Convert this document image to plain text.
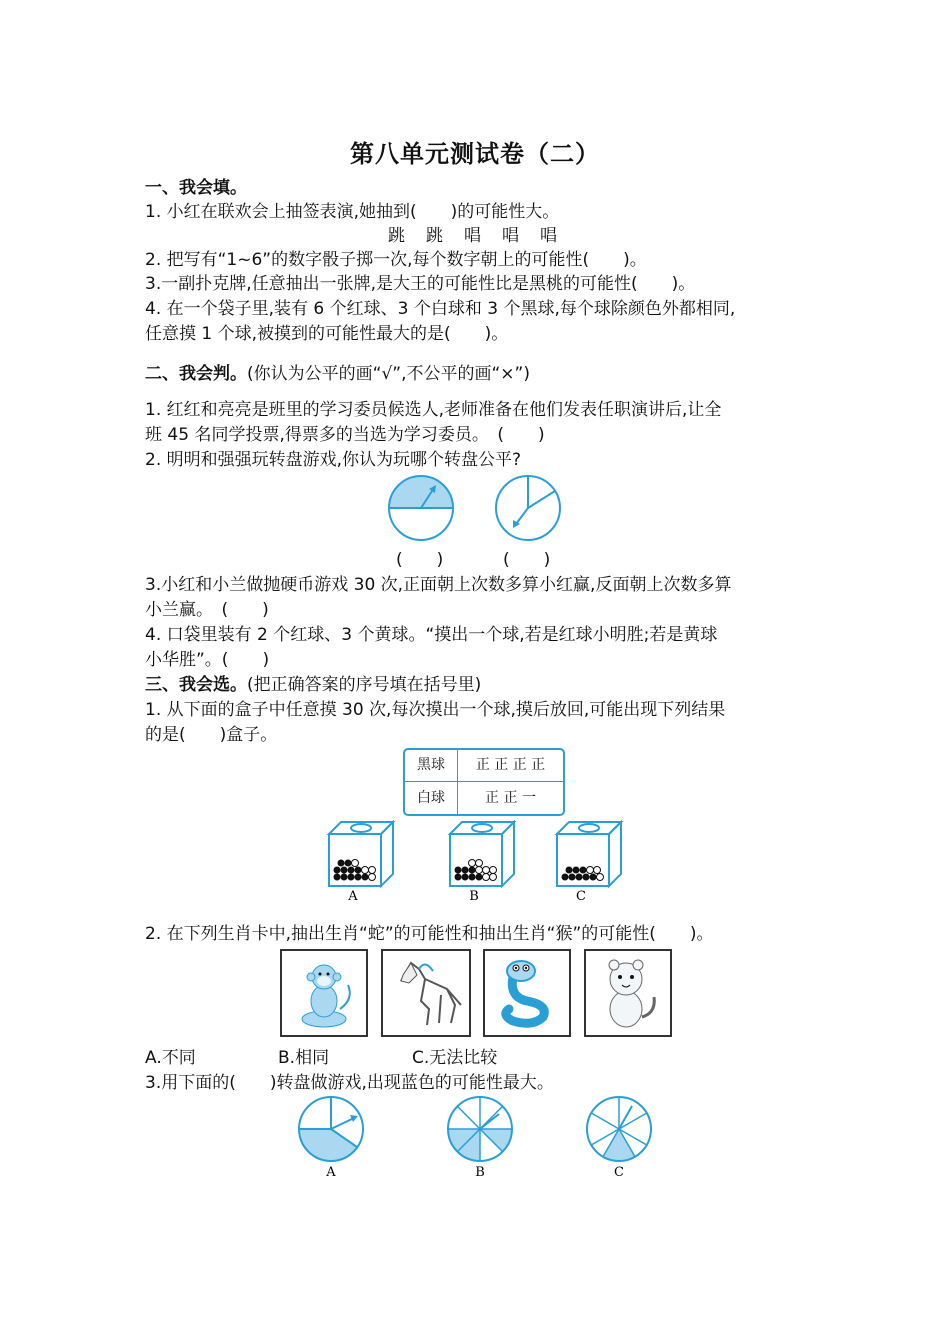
第八单元测试卷（二）
一、我会填。
1. 小红在联欢会上抽签表演,她抽到(　　)的可能性大。
跳　跳　唱　唱　唱
2. 把写有“1~6”的数字骰子掷一次,每个数字朝上的可能性(　　)。
3.一副扑克牌,任意抽出一张牌,是大王的可能性比是黑桃的可能性(　　)。
4. 在一个袋子里,装有 6 个红球、3 个白球和 3 个黑球,每个球除颜色外都相同,
任意摸 1 个球,被摸到的可能性最大的是(　　)。
二、我会判。(你认为公平的画“√”,不公平的画“×”)
1. 红红和亮亮是班里的学习委员候选人,老师准备在他们发表任职演讲后,让全
班 45 名同学投票,得票多的当选为学习委员。　(　　)
2. 明明和强强玩转盘游戏,你认为玩哪个转盘公平?
(　　)	(　　)
3.小红和小兰做抛硬币游戏 30 次,正面朝上次数多算小红赢,反面朝上次数多算
小兰赢。　(　　)
4. 口袋里装有 2 个红球、3 个黄球。“摸出一个球,若是红球小明胜;若是黄球
小华胜”。(　　)
三、我会选。(把正确答案的序号填在括号里)
1. 从下面的盒子中任意摸 30 次,每次摸出一个球,摸后放回,可能出现下列结果
的是(　　)盒子。
黑球	正 正 正 正
白球	正 正 一
A	B	C
2. 在下列生肖卡中,抽出生肖“蛇”的可能性和抽出生肖“猴”的可能性(　　)。
A.不同	B.相同	C.无法比较
3.用下面的(　　)转盘做游戏,出现蓝色的可能性最大。
A	B	C
